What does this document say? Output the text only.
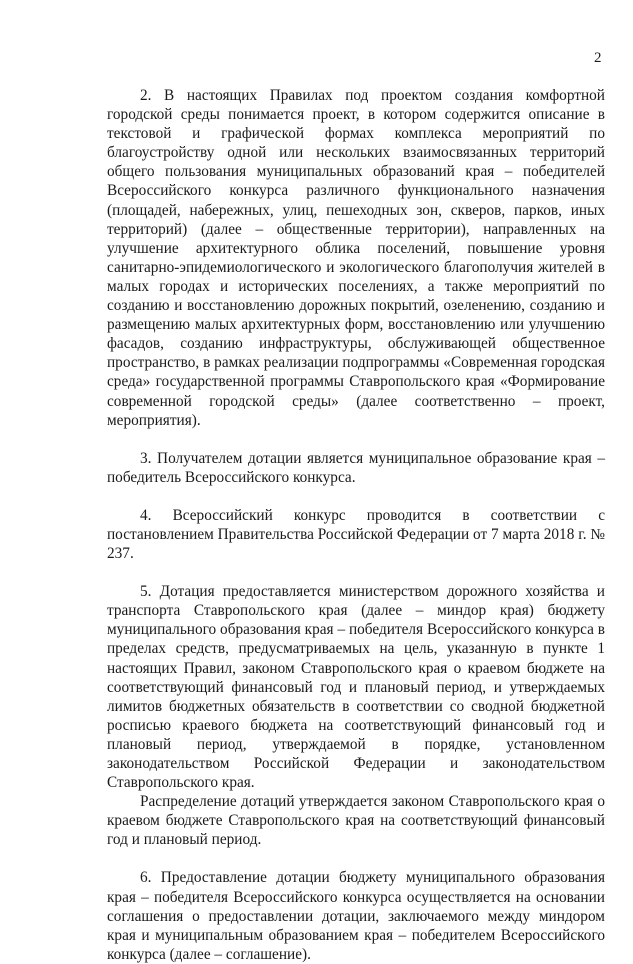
2

2. В настоящих Правилах под проектом создания комфортной городской среды понимается проект, в котором содержится описание в текстовой и графической формах комплекса мероприятий по благоустройству одной или нескольких взаимосвязанных территорий общего пользования муниципальных образований края – победителей Всероссийского конкурса различного функционального назначения (площадей, набережных, улиц, пешеходных зон, скверов, парков, иных территорий) (далее – общественные территории), направленных на улучшение архитектурного облика поселений, повышение уровня санитарно-эпидемиологического и экологического благополучия жителей в малых городах и исторических поселениях, а также мероприятий по созданию и восстановлению дорожных покрытий, озеленению, созданию и размещению малых архитектурных форм, восстановлению или улучшению фасадов, созданию инфраструктуры, обслуживающей общественное пространство, в рамках реализации подпрограммы «Современная городская среда» государственной программы Ставропольского края «Формирование современной городской среды» (далее соответственно – проект, мероприятия).

3. Получателем дотации является муниципальное образование края – победитель Всероссийского конкурса.

4. Всероссийский конкурс проводится в соответствии с постановлением Правительства Российской Федерации от 7 марта 2018 г. № 237.

5. Дотация предоставляется министерством дорожного хозяйства и транспорта Ставропольского края (далее – миндор края) бюджету муниципального образования края – победителя Всероссийского конкурса в пределах средств, предусматриваемых на цель, указанную в пункте 1 настоящих Правил, законом Ставропольского края о краевом бюджете на соответствующий финансовый год и плановый период, и утверждаемых лимитов бюджетных обязательств в соответствии со сводной бюджетной росписью краевого бюджета на соответствующий финансовый год и плановый период, утверждаемой в порядке, установленном законодательством Российской Федерации и законодательством Ставропольского края.

Распределение дотаций утверждается законом Ставропольского края о краевом бюджете Ставропольского края на соответствующий финансовый год и плановый период.

6. Предоставление дотации бюджету муниципального образования края – победителя Всероссийского конкурса осуществляется на основании соглашения о предоставлении дотации, заключаемого между миндором края и муниципальным образованием края – победителем Всероссийского конкурса (далее – соглашение).
